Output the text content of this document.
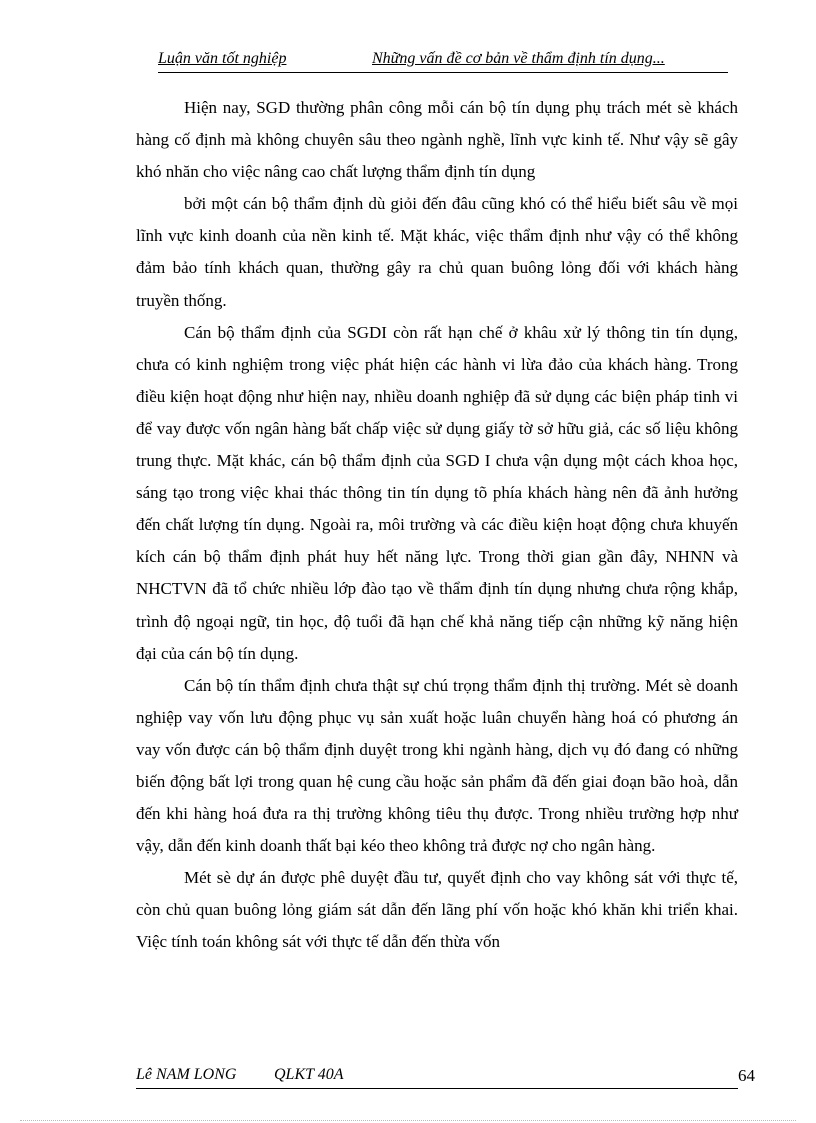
Luận văn tốt nghiệp	Những vấn đề cơ bản về thẩm định tín dụng...

Hiện nay, SGD thường phân công mỗi cán bộ tín dụng phụ trách mét sè khách hàng cố định mà không chuyên sâu theo ngành nghề, lĩnh vực kinh tế. Như vậy sẽ gây khó nhăn cho việc nâng cao chất lượng thẩm định tín dụng

bởi một cán bộ thẩm định dù giỏi đến đâu cũng khó có thể hiểu biết sâu về mọi lĩnh vực kinh doanh của nền kinh tế. Mặt khác, việc thẩm định như vậy có thể không đảm bảo tính khách quan, thường gây ra chủ quan buông lỏng đối với khách hàng truyền thống.

Cán bộ thẩm định của SGDI còn rất hạn chế ở khâu xử lý thông tin tín dụng, chưa có kinh nghiệm trong việc phát hiện các hành vi lừa đảo của khách hàng. Trong điều kiện hoạt động như hiện nay, nhiều doanh nghiệp đã sử dụng các biện pháp tinh vi để vay được vốn ngân hàng bất chấp việc sử dụng giấy tờ sở hữu giả, các số liệu không trung thực. Mặt khác, cán bộ thẩm định của SGD I chưa vận dụng một cách khoa học, sáng tạo trong việc khai thác thông tin tín dụng tõ phía khách hàng nên đã ảnh hưởng đến chất lượng tín dụng. Ngoài ra, môi trường và các điều kiện hoạt động chưa khuyến kích cán bộ thẩm định phát huy hết năng lực. Trong thời gian gần đây, NHNN và NHCTVN đã tổ chức nhiều lớp đào tạo về thẩm định tín dụng nhưng chưa rộng khắp, trình độ ngoại ngữ, tin học, độ tuổi đã hạn chế khả năng tiếp cận những kỹ năng hiện đại của cán bộ tín dụng.

Cán bộ tín thẩm định chưa thật sự chú trọng thẩm định thị trường. Mét sè doanh nghiệp vay vốn lưu động phục vụ sản xuất hoặc luân chuyển hàng hoá có phương án vay vốn được cán bộ thẩm định duyệt trong khi ngành hàng, dịch vụ đó đang có những biến động bất lợi trong quan hệ cung cầu hoặc sản phẩm đã đến giai đoạn bão hoà, dẫn đến khi hàng hoá đưa ra thị trường không tiêu thụ được. Trong nhiều trường hợp như vậy, dẫn đến kinh doanh thất bại kéo theo không trả được nợ cho ngân hàng.

Mét sè dự án được phê duyệt đầu tư, quyết định cho vay không sát với thực tế, còn chủ quan buông lỏng giám sát dẫn đến lãng phí vốn hoặc khó khăn khi triển khai. Việc tính toán không sát với thực tế dẫn đến thừa vốn

Lê NAM LONG QLKT 40A	64
